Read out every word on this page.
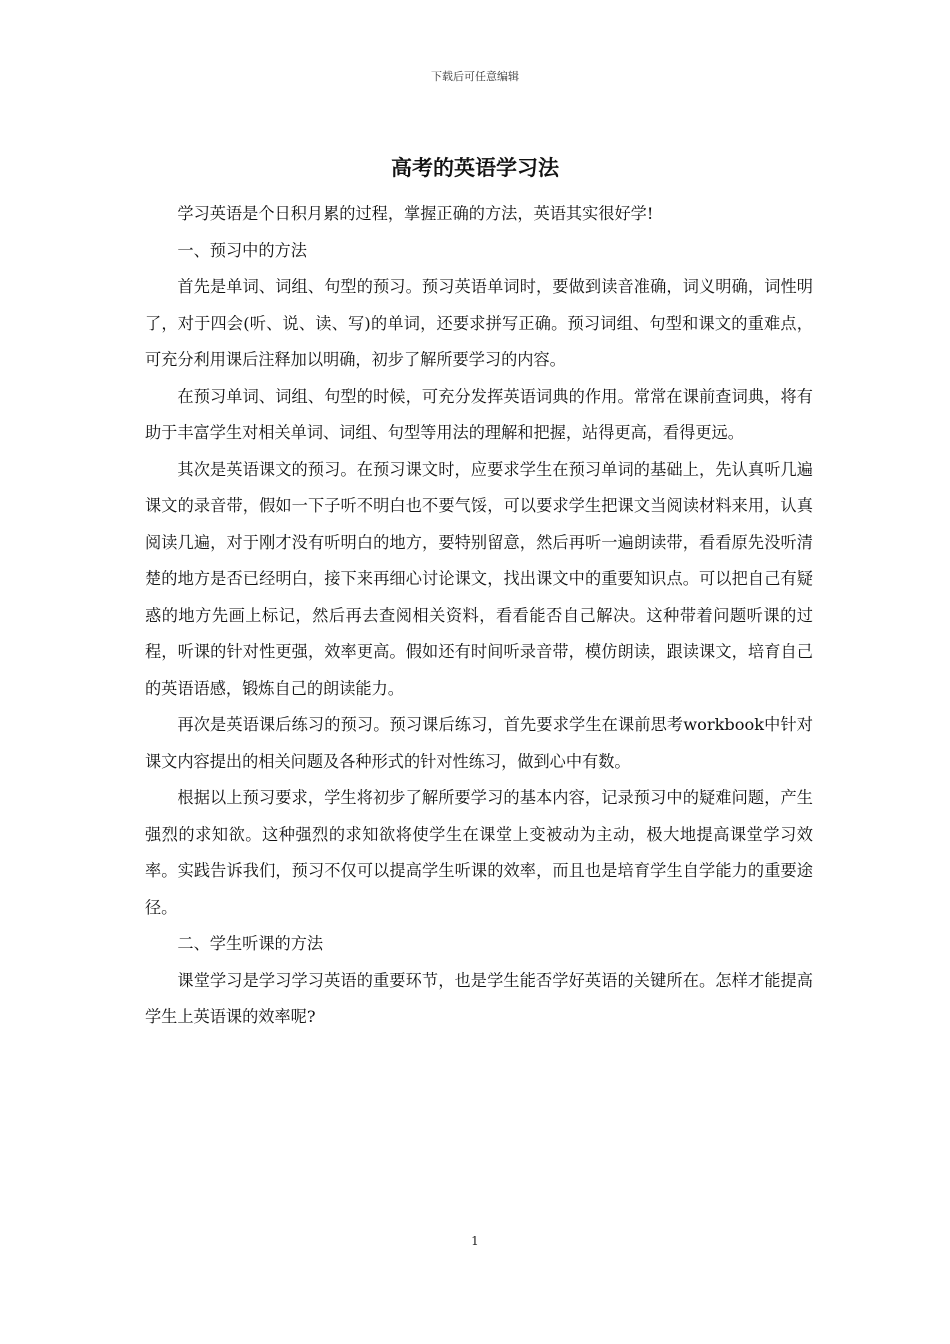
下载后可任意编辑
高考的英语学习法

学习英语是个日积月累的过程，掌握正确的方法，英语其实很好学!

一、预习中的方法

首先是单词、词组、句型的预习。预习英语单词时，要做到读音准确，词义明确，词性明了，对于四会(听、说、读、写)的单词，还要求拼写正确。预习词组、句型和课文的重难点，可充分利用课后注释加以明确，初步了解所要学习的内容。

在预习单词、词组、句型的时候，可充分发挥英语词典的作用。常常在课前查词典，将有助于丰富学生对相关单词、词组、句型等用法的理解和把握，站得更高，看得更远。

其次是英语课文的预习。在预习课文时，应要求学生在预习单词的基础上，先认真听几遍课文的录音带，假如一下子听不明白也不要气馁，可以要求学生把课文当阅读材料来用，认真阅读几遍，对于刚才没有听明白的地方，要特别留意，然后再听一遍朗读带，看看原先没听清楚的地方是否已经明白，接下来再细心讨论课文，找出课文中的重要知识点。可以把自己有疑惑的地方先画上标记，然后再去查阅相关资料，看看能否自己解决。这种带着问题听课的过程，听课的针对性更强，效率更高。假如还有时间听录音带，模仿朗读，跟读课文，培育自己的英语语感，锻炼自己的朗读能力。

再次是英语课后练习的预习。预习课后练习，首先要求学生在课前思考workbook中针对课文内容提出的相关问题及各种形式的针对性练习，做到心中有数。

根据以上预习要求，学生将初步了解所要学习的基本内容，记录预习中的疑难问题，产生强烈的求知欲。这种强烈的求知欲将使学生在课堂上变被动为主动，极大地提高课堂学习效率。实践告诉我们，预习不仅可以提高学生听课的效率，而且也是培育学生自学能力的重要途径。

二、学生听课的方法

课堂学习是学习学习英语的重要环节，也是学生能否学好英语的关键所在。怎样才能提高学生上英语课的效率呢?

1
